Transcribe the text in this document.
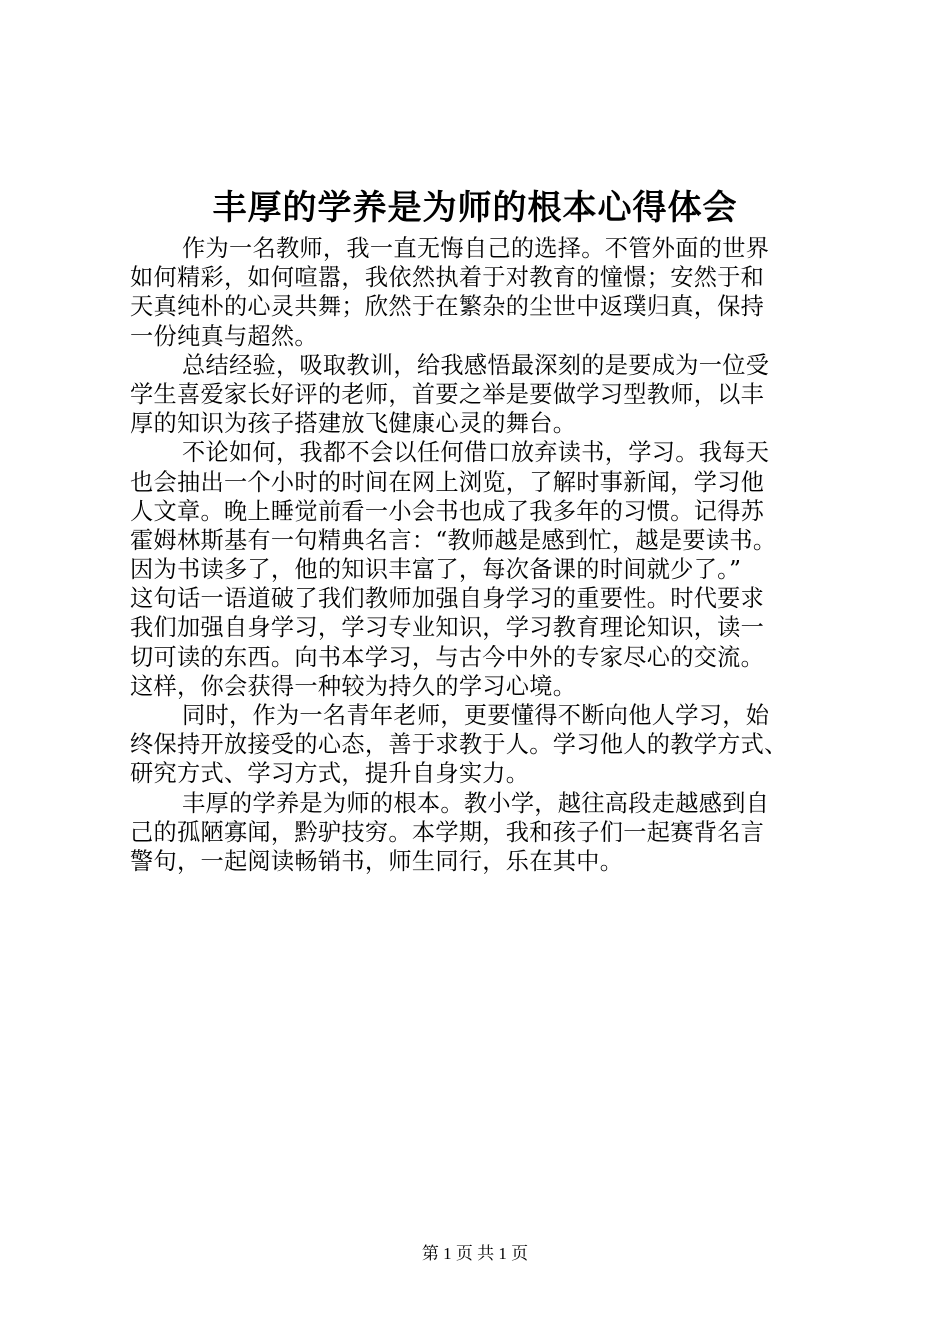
丰厚的学养是为师的根本心得体会
作为一名教师，我一直无悔自己的选择。不管外面的世界
如何精彩，如何喧嚣，我依然执着于对教育的憧憬；安然于和
天真纯朴的心灵共舞；欣然于在繁杂的尘世中返璞归真，保持
一份纯真与超然。
总结经验，吸取教训，给我感悟最深刻的是要成为一位受
学生喜爱家长好评的老师，首要之举是要做学习型教师，以丰
厚的知识为孩子搭建放飞健康心灵的舞台。
不论如何，我都不会以任何借口放弃读书，学习。我每天
也会抽出一个小时的时间在网上浏览，了解时事新闻，学习他
人文章。晚上睡觉前看一小会书也成了我多年的习惯。记得苏
霍姆林斯基有一句精典名言：“教师越是感到忙，越是要读书。
因为书读多了，他的知识丰富了，每次备课的时间就少了。”
这句话一语道破了我们教师加强自身学习的重要性。时代要求
我们加强自身学习，学习专业知识，学习教育理论知识，读一
切可读的东西。向书本学习，与古今中外的专家尽心的交流。
这样，你会获得一种较为持久的学习心境。
同时，作为一名青年老师，更要懂得不断向他人学习，始
终保持开放接受的心态，善于求教于人。学习他人的教学方式、
研究方式、学习方式，提升自身实力。
丰厚的学养是为师的根本。教小学，越往高段走越感到自
己的孤陋寡闻，黔驴技穷。本学期，我和孩子们一起赛背名言
警句，一起阅读畅销书，师生同行，乐在其中。
第 1 页 共 1 页
